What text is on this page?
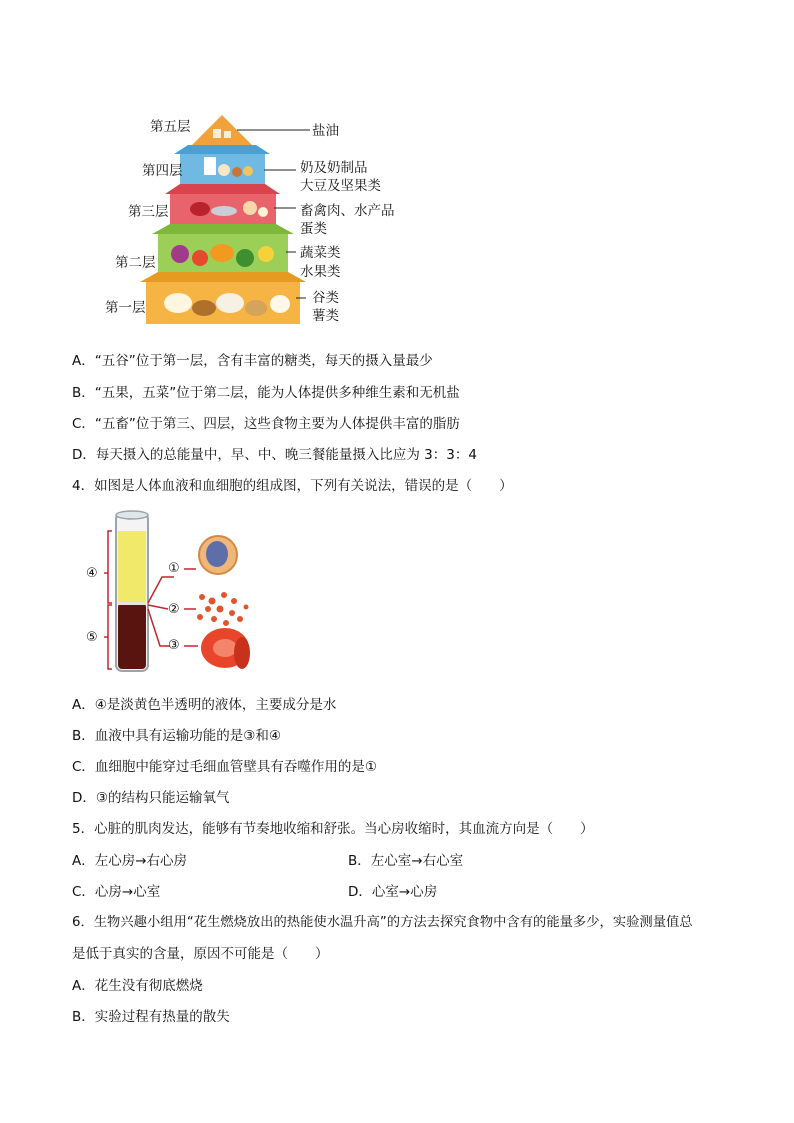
第五层
第四层
第三层
第二层
第一层
盐油
奶及奶制品
大豆及坚果类
畜禽肉、水产品
蛋类
蔬菜类
水果类
谷类
薯类
A．“五谷”位于第一层，含有丰富的糖类，每天的摄入量最少
B．“五果，五菜”位于第二层，能为人体提供多种维生素和无机盐
C．“五畜”位于第三、四层，这些食物主要为人体提供丰富的脂肪
D．每天摄入的总能量中，早、中、晚三餐能量摄入比应为 3：3：4
4．如图是人体血液和血细胞的组成图，下列有关说法，错误的是（　　）
④
⑤
①
②
③
A．④是淡黄色半透明的液体，主要成分是水
B．血液中具有运输功能的是③和④
C．血细胞中能穿过毛细血管壁具有吞噬作用的是①
D．③的结构只能运输氧气
5．心脏的肌肉发达，能够有节奏地收缩和舒张。当心房收缩时，其血流方向是（　　）
A．左心房→右心房	B．左心室→右心室
C．心房→心室	D．心室→心房
6．生物兴趣小组用“花生燃烧放出的热能使水温升高”的方法去探究食物中含有的能量多少，实验测量值总
是低于真实的含量，原因不可能是（　　）
A．花生没有彻底燃烧
B．实验过程有热量的散失
